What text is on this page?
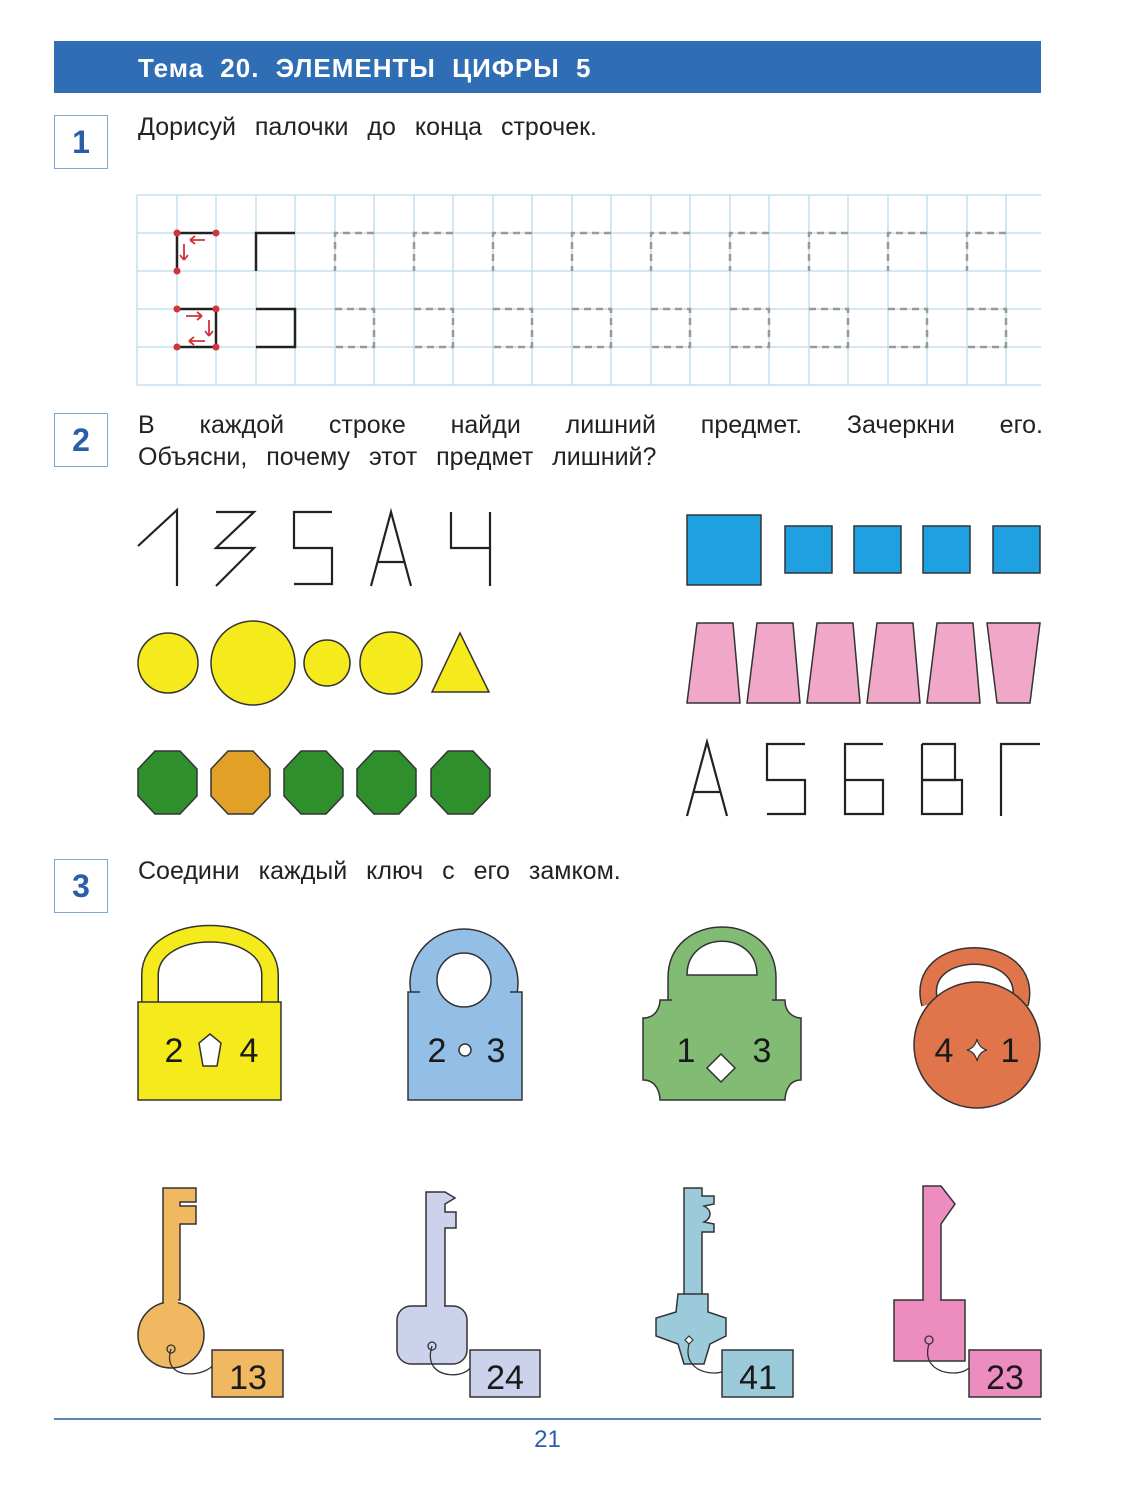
Тема 20. ЭЛЕМЕНТЫ ЦИФРЫ 5
1	Дорисуй палочки до конца строчек.
2 4	2 3	1 3	4 1
13	24	41	23
2	В каждой строке найди лишний предмет. Зачеркни его.
Объясни, почему этот предмет лишний?
3	Соедини каждый ключ с его замком.
21
